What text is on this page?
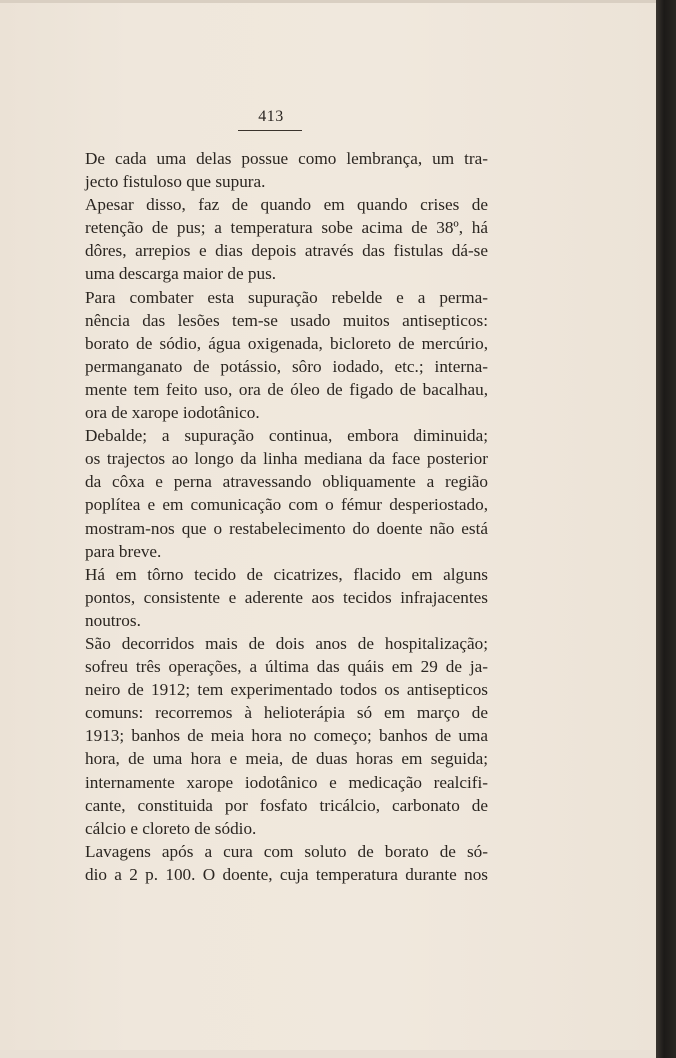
413
De cada uma delas possue como lembrança, um tra-
jecto fistuloso que supura.
Apesar disso, faz de quando em quando crises de
retenção de pus; a temperatura sobe acima de 38º, há
dôres, arrepios e dias depois através das fistulas dá-se
uma descarga maior de pus.
Para combater esta supuração rebelde e a perma-
nência das lesões tem-se usado muitos antisepticos:
borato de sódio, água oxigenada, bicloreto de mercúrio,
permanganato de potássio, sôro iodado, etc.; interna-
mente tem feito uso, ora de óleo de figado de bacalhau,
ora de xarope iodotânico.
Debalde; a supuração continua, embora diminuida;
os trajectos ao longo da linha mediana da face posterior
da côxa e perna atravessando obliquamente a região
poplítea e em comunicação com o fémur desperiostado,
mostram-nos que o restabelecimento do doente não está
para breve.
Há em tôrno tecido de cicatrizes, flacido em alguns
pontos, consistente e aderente aos tecidos infrajacentes
noutros.
São decorridos mais de dois anos de hospitalização;
sofreu três operações, a última das quáis em 29 de ja-
neiro de 1912; tem experimentado todos os antisepticos
comuns: recorremos à helioterápia só em março de
1913; banhos de meia hora no começo; banhos de uma
hora, de uma hora e meia, de duas horas em seguida;
internamente xarope iodotânico e medicação realcifi-
cante, constituida por fosfato tricálcio, carbonato de
cálcio e cloreto de sódio.
Lavagens após a cura com soluto de borato de só-
dio a 2 p. 100. O doente, cuja temperatura durante nos
